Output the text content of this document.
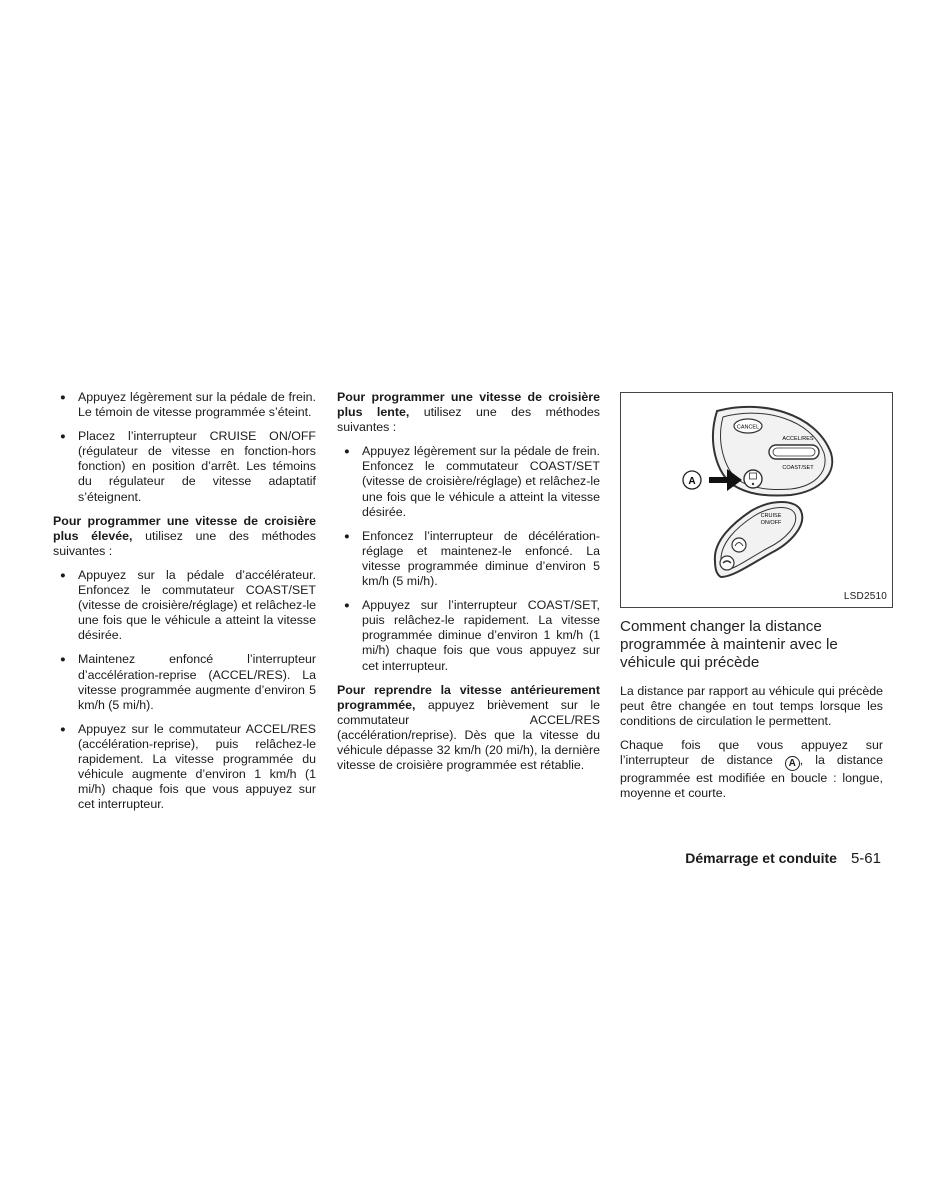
● Appuyez légèrement sur la pédale de frein. Le témoin de vitesse programmée s’éteint.
● Placez l’interrupteur CRUISE ON/OFF (régulateur de vitesse en fonction-hors fonction) en position d’arrêt. Les témoins du régulateur de vitesse adaptatif s’éteignent.

Pour programmer une vitesse de croisière plus élevée, utilisez une des méthodes suivantes :

● Appuyez sur la pédale d’accélérateur. Enfoncez le commutateur COAST/SET (vitesse de croisière/réglage) et relâchez-le une fois que le véhicule a atteint la vitesse désirée.
● Maintenez enfoncé l’interrupteur d’accélération-reprise (ACCEL/RES). La vitesse programmée augmente d’environ 5 km/h (5 mi/h).
● Appuyez sur le commutateur ACCEL/RES (accélération-reprise), puis relâchez-le rapidement. La vitesse programmée du véhicule augmente d’environ 1 km/h (1 mi/h) chaque fois que vous appuyez sur cet interrupteur.

Pour programmer une vitesse de croisière plus lente, utilisez une des méthodes suivantes :

● Appuyez légèrement sur la pédale de frein. Enfoncez le commutateur COAST/SET (vitesse de croisière/réglage) et relâchez-le une fois que le véhicule a atteint la vitesse désirée.
● Enfoncez l’interrupteur de décélération-réglage et maintenez-le enfoncé. La vitesse programmée diminue d’environ 5 km/h (5 mi/h).
● Appuyez sur l’interrupteur COAST/SET, puis relâchez-le rapidement. La vitesse programmée diminue d’environ 1 km/h (1 mi/h) chaque fois que vous appuyez sur cet interrupteur.

Pour reprendre la vitesse antérieurement programmée, appuyez brièvement sur le commutateur ACCEL/RES (accélération/reprise). Dès que la vitesse du véhicule dépasse 32 km/h (20 mi/h), la dernière vitesse de croisière programmée est rétablie.

CANCEL
ACCEL/RES
COAST/SET
A
CRUISE
ON/OFF
LSD2510
Comment changer la distance programmée à maintenir avec le véhicule qui précède

La distance par rapport au véhicule qui précède peut être changée en tout temps lorsque les conditions de circulation le permettent.

Chaque fois que vous appuyez sur l’interrupteur de distance A , la distance programmée est modifiée en boucle : longue, moyenne et courte.

Démarrage et conduite 5-61
